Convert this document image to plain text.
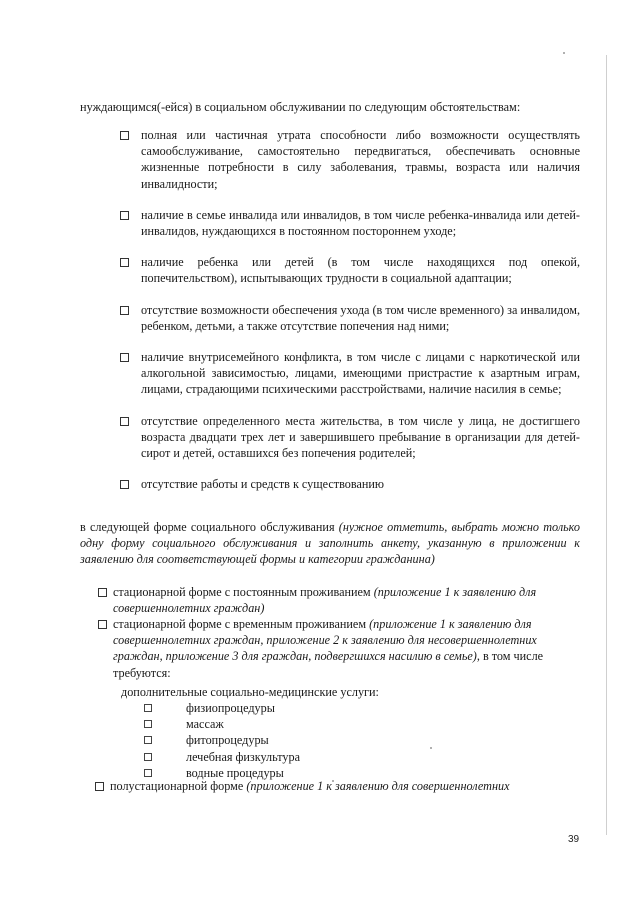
нуждающимся(-ейся) в социальном обслуживании по следующим обстоятельствам:
полная или частичная утрата способности либо возможности осуществлять самообслуживание, самостоятельно передвигаться, обеспечивать основные жизненные потребности в силу заболевания, травмы, возраста или наличия инвалидности;
наличие в семье инвалида или инвалидов, в том числе ребенка-инвалида или детей-инвалидов, нуждающихся в постоянном постороннем уходе;
наличие ребенка или детей (в том числе находящихся под опекой, попечительством), испытывающих трудности в социальной адаптации;
отсутствие возможности обеспечения ухода (в том числе временного) за инвалидом, ребенком, детьми, а также отсутствие попечения над ними;
наличие внутрисемейного конфликта, в том числе с лицами с наркотической или алкогольной зависимостью, лицами, имеющими пристрастие к азартным играм, лицами, страдающими психическими расстройствами, наличие насилия в семье;
отсутствие определенного места жительства, в том числе у лица, не достигшего возраста двадцати трех лет и завершившего пребывание в организации для детей-сирот и детей, оставшихся без попечения родителей;
отсутствие работы и средств к существованию
в следующей форме социального обслуживания (нужное отметить, выбрать можно только одну форму социального обслуживания и заполнить анкету, указанную в приложении к заявлению для соответствующей формы и категории гражданина)
стационарной форме с постоянным проживанием (приложение 1 к заявлению для совершеннолетних граждан)
стационарной форме с временным проживанием (приложение 1 к заявлению для совершеннолетних граждан, приложение 2 к заявлению для несовершеннолетних граждан, приложение 3 для граждан, подвергшихся насилию в семье), в том числе требуются:
дополнительные социально-медицинские услуги:
физиопроцедуры
массаж
фитопроцедуры
лечебная физкультура
водные процедуры
полустационарной форме (приложение 1 к заявлению для совершеннолетних
39
